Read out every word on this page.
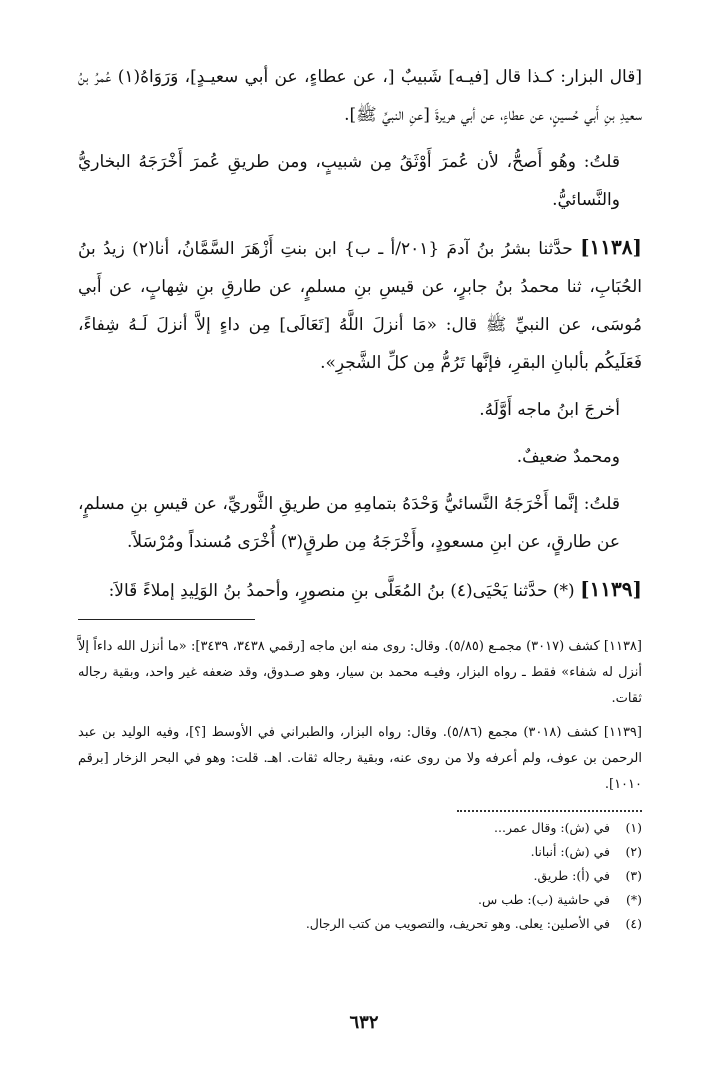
[قال البزار: كـذا قال [فيـه] شَبيبٌ [، عن عطاءٍ، عن أبي سعيـدٍ]، وَرَوَاهُ(١) عُمرُ بنُ سعيدِ بنِ أَبي حُسينٍ، عن عطاءٍ، عن أبي هريرةَ [عنِ النبيِّ ﷺ].

قلتُ: وهُو أَصحُّ، لأن عُمرَ أَوْثَقُ مِن شبيبٍ، ومن طريقِ عُمرَ أَخْرَجَهُ البخاريُّ والنَّسائيُّ.

[١١٣٨] حدَّثنا بشرُ بنُ آدمَ {٢٠١/أ ـ ب} ابن بنتِ أَزْهَرَ السَّمَّانُ، أنا(٢) زيدُ بنُ الحُبَابِ، ثنا محمدُ بنُ جابرٍ، عن قيسِ بنِ مسلمٍ، عن طارقِ بنِ شِهابٍ، عن أَبي مُوسَى، عن النبيِّ ﷺ قال: «مَا أنزلَ اللَّهُ [تَعَالَى] مِن داءٍ إلاَّ أنزلَ لَـهُ شِفاءً، فَعَلَيكُم بألبانِ البقرِ، فإنَّها تَرُمُّ مِن كلِّ الشَّجرِ».

أخرجَ ابنُ ماجه أَوَّلَهُ.

ومحمدٌ ضعيفٌ.

قلتُ: إنَّما أَخْرَجَهُ النَّسائيُّ وَحْدَهُ بتمامِهِ من طريقِ الثَّوريِّ، عن قيسِ بنِ مسلمٍ، عن طارقٍ، عن ابنِ مسعودٍ، وأَخْرَجَهُ مِن طرقٍ(٣) أُخْرَى مُسنداً ومُرْسَلاً.

[١١٣٩] (*) حدَّثنا يَحْيَى(٤) بنُ المُعَلَّى بنِ منصورٍ، وأحمدُ بنُ الوَلِيدِ إملاءً قَالاَ:

[١١٣٨] كشف (٣٠١٧) مجمـع (٥/٨٥). وقال: روى منه ابن ماجه [رقمي ٣٤٣٨، ٣٤٣٩]: «ما أنزل الله داءاً إلاَّ أنزل له شفاء» فقط ـ رواه البزار، وفيـه محمد بن سيار، وهو صـدوق، وقد ضعفه غير واحد، وبقية رجاله ثقات.

[١١٣٩] كشف (٣٠١٨) مجمع (٥/٨٦). وقال: رواه البزار، والطبراني في الأوسط [؟]، وفيه الوليد بن عبد الرحمن بن عوف، ولم أعرفه ولا من روى عنه، وبقية رجاله ثقات. اهـ. قلت: وهو في البحر الزخار [برقم ١٠١٠].

(١)
في (ش): وقال عمر...
(٢)
في (ش): أنبانا.
(٣)
في (أ): طريق.
(*)
في حاشية (ب): طب س.
(٤)
في الأصلين: يعلى. وهو تحريف، والتصويب من كتب الرجال.
٦٣٢
